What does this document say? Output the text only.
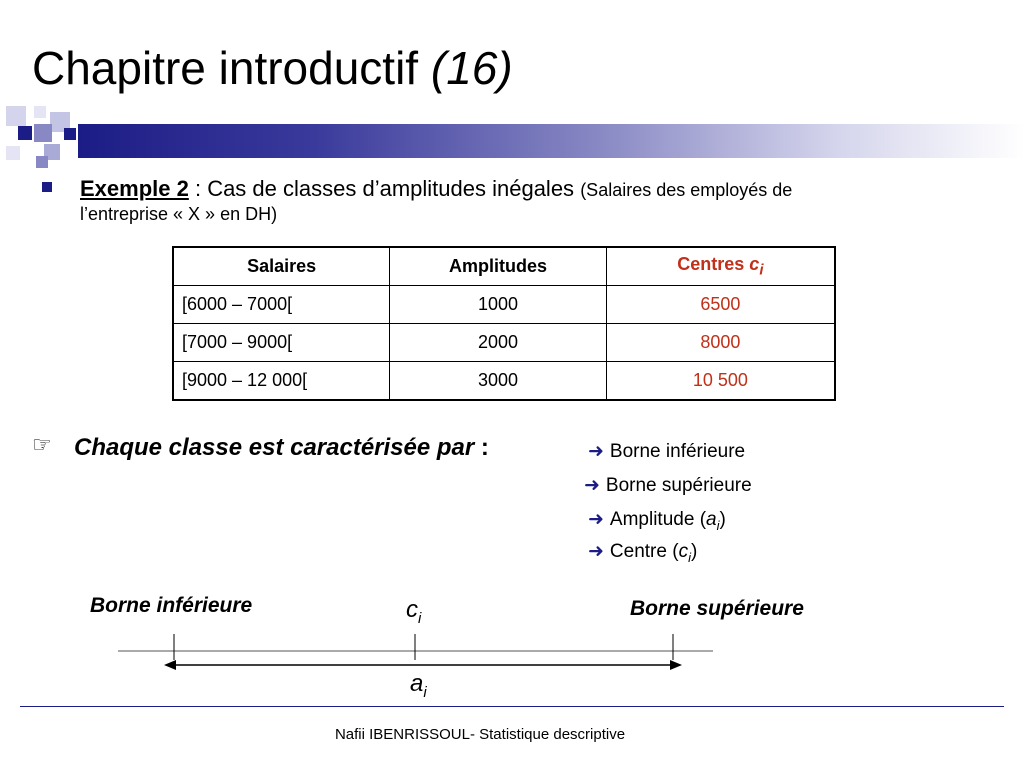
Chapitre introductif (16)
Exemple 2 : Cas de classes d’amplitudes inégales (Salaires des employés de
l’entreprise « X » en DH)
Salaires	Amplitudes	Centres $c_i$
[6000 – 7000[	1000	6500
[7000 – 9000[	2000	8000
[9000 – 12 000[	3000	10 500
☞ Chaque classe est caractérisée par :	➜ Borne inférieure
➜ Borne supérieure
➜ Amplitude $(a_i)$
➜ Centre $(c_i)$
Borne inférieure	Borne supérieure
$c_i$
$a_i$
Nafii IBENRISSOUL- Statistique descriptive
